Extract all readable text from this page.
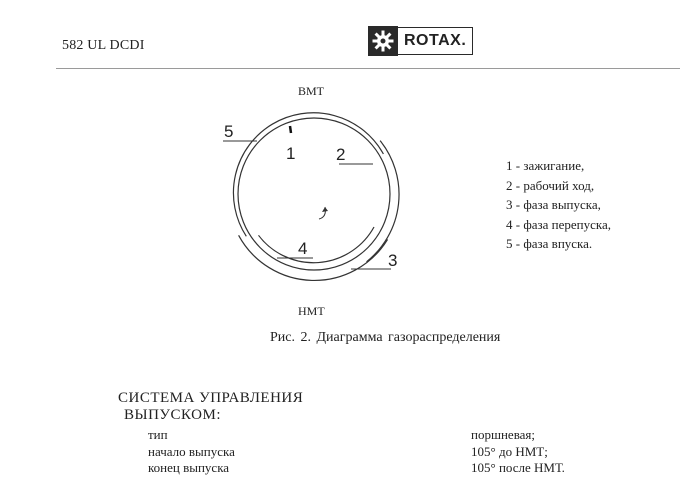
582 UL DCDI	ROTAX.
ВМТ
5
1 2
4
3
НМТ
1 - зажигание,
2 - рабочий ход,
3 - фаза выпуска,
4 - фаза перепуска,
5 - фаза впуска.
Рис. 2. Диаграмма газораспределения
СИСТЕМА УПРАВЛЕНИЯ
ВЫПУСКОМ:
тип
начало выпуска
конец выпуска
поршневая;
105° до НМТ;
105° после НМТ.
